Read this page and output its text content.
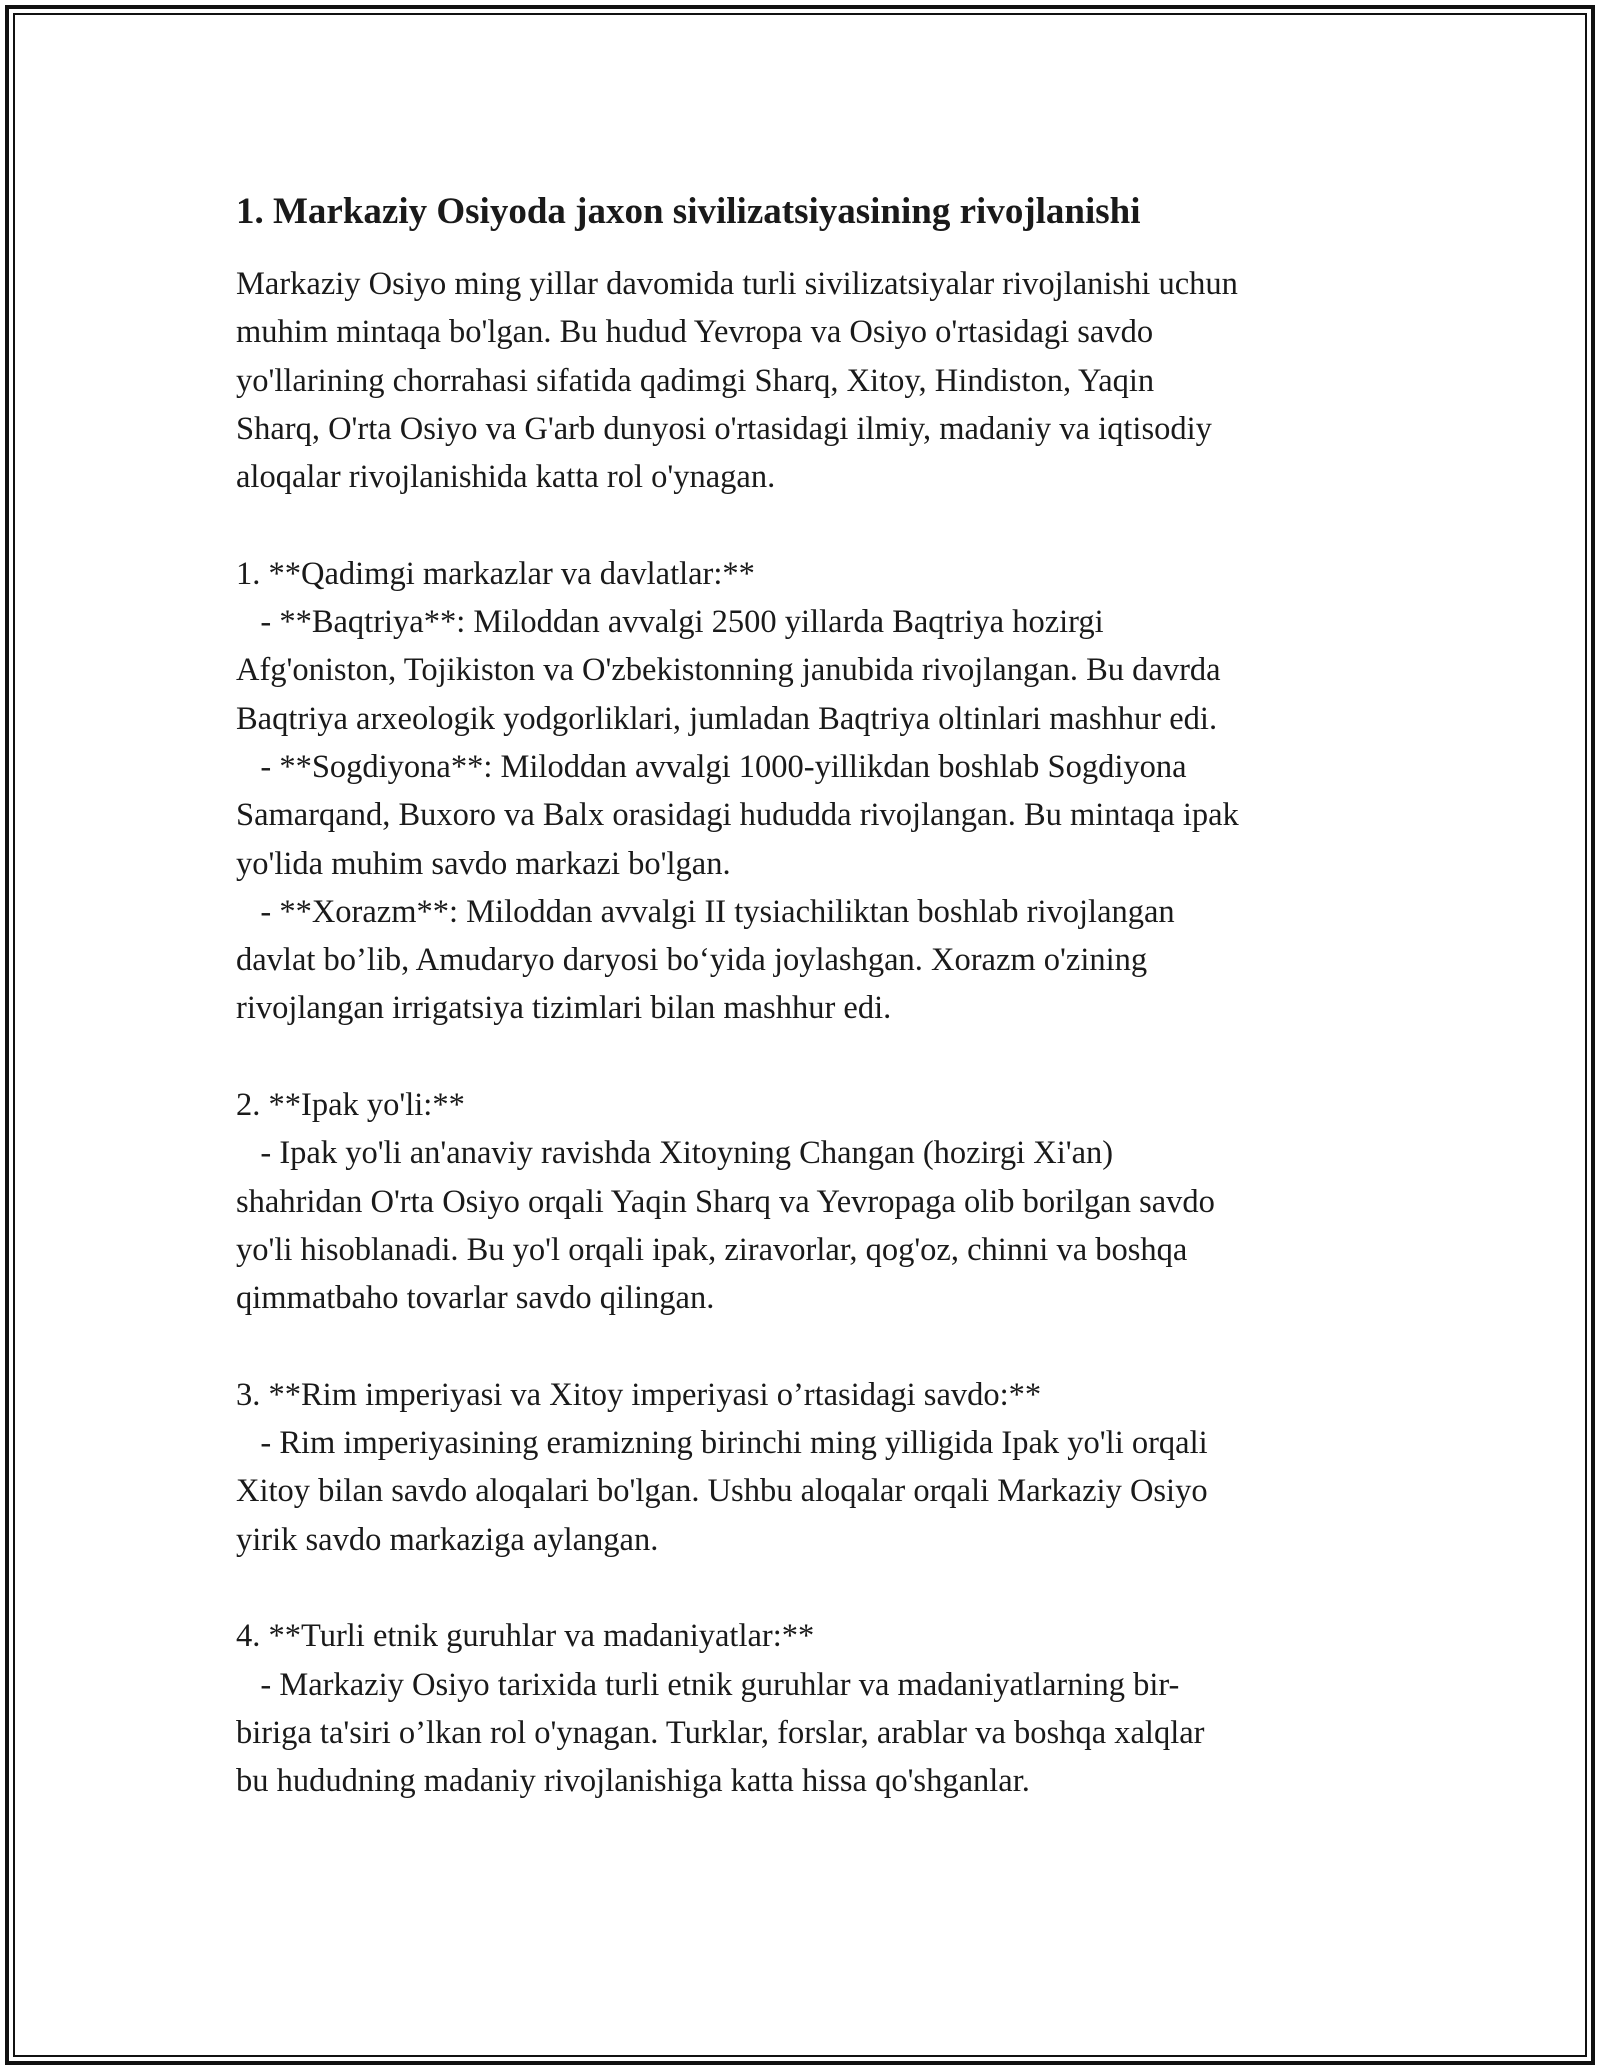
1. Markaziy Osiyoda jaxon sivilizatsiyasining rivojlanishi
Markaziy Osiyo ming yillar davomida turli sivilizatsiyalar rivojlanishi uchun
muhim mintaqa bo'lgan. Bu hudud Yevropa va Osiyo o'rtasidagi savdo
yo'llarining chorrahasi sifatida qadimgi Sharq, Xitoy, Hindiston, Yaqin
Sharq, O'rta Osiyo va G'arb dunyosi o'rtasidagi ilmiy, madaniy va iqtisodiy
aloqalar rivojlanishida katta rol o'ynagan.

1. **Qadimgi markazlar va davlatlar:**
- **Baqtriya**: Miloddan avvalgi 2500 yillarda Baqtriya hozirgi
Afg'oniston, Tojikiston va O'zbekistonning janubida rivojlangan. Bu davrda
Baqtriya arxeologik yodgorliklari, jumladan Baqtriya oltinlari mashhur edi.
- **Sogdiyona**: Miloddan avvalgi 1000-yillikdan boshlab Sogdiyona
Samarqand, Buxoro va Balx orasidagi hududda rivojlangan. Bu mintaqa ipak
yo'lida muhim savdo markazi bo'lgan.
- **Xorazm**: Miloddan avvalgi II tysiachiliktan boshlab rivojlangan
davlat bo’lib, Amudaryo daryosi bo‘yida joylashgan. Xorazm o'zining
rivojlangan irrigatsiya tizimlari bilan mashhur edi.

2. **Ipak yo'li:**
- Ipak yo'li an'anaviy ravishda Xitoyning Changan (hozirgi Xi'an)
shahridan O'rta Osiyo orqali Yaqin Sharq va Yevropaga olib borilgan savdo
yo'li hisoblanadi. Bu yo'l orqali ipak, ziravorlar, qog'oz, chinni va boshqa
qimmatbaho tovarlar savdo qilingan.

3. **Rim imperiyasi va Xitoy imperiyasi o’rtasidagi savdo:**
- Rim imperiyasining eramizning birinchi ming yilligida Ipak yo'li orqali
Xitoy bilan savdo aloqalari bo'lgan. Ushbu aloqalar orqali Markaziy Osiyo
yirik savdo markaziga aylangan.

4. **Turli etnik guruhlar va madaniyatlar:**
- Markaziy Osiyo tarixida turli etnik guruhlar va madaniyatlarning bir-
biriga ta'siri o’lkan rol o'ynagan. Turklar, forslar, arablar va boshqa xalqlar
bu hududning madaniy rivojlanishiga katta hissa qo'shganlar.
